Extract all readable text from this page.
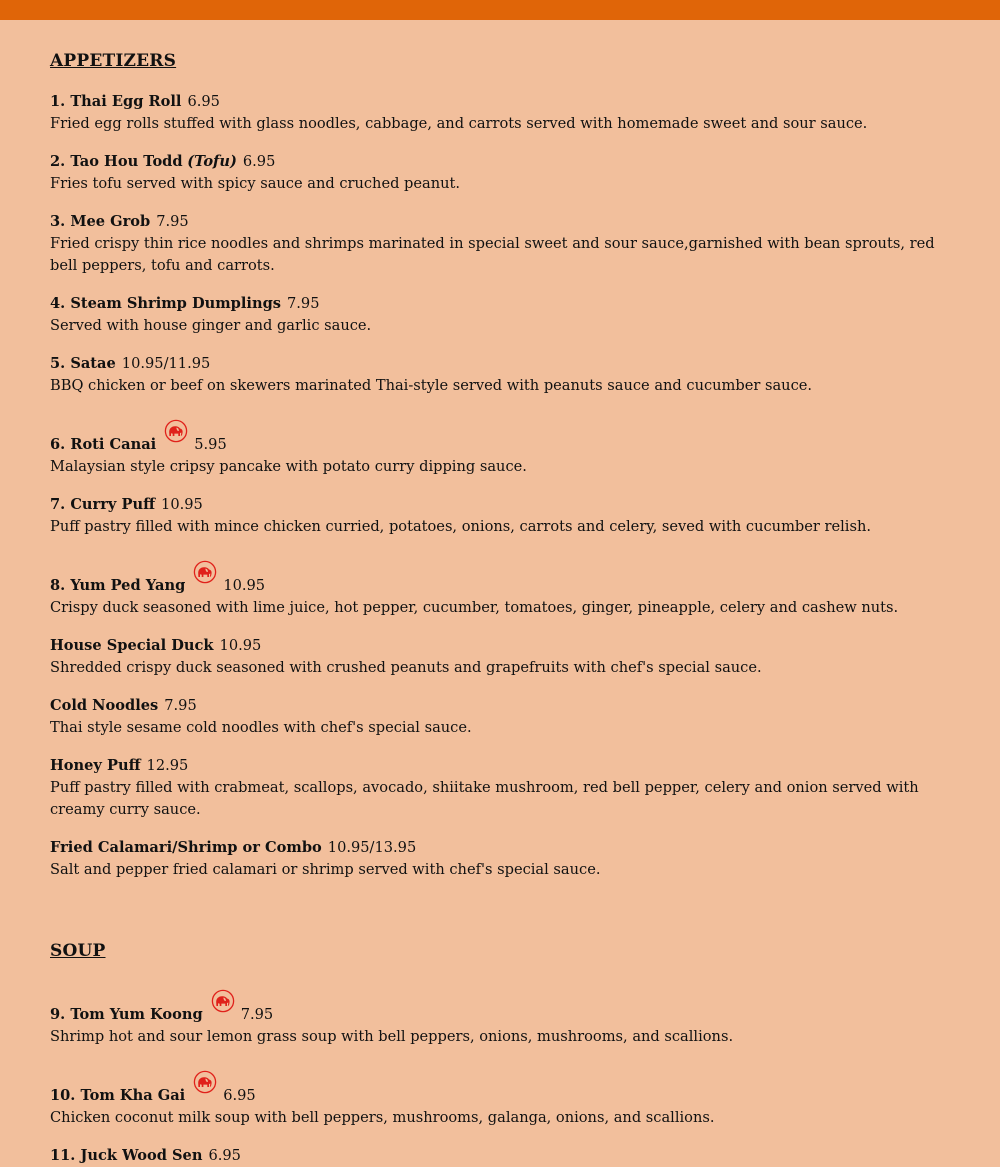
APPETIZERS
1. Thai Egg Roll 6.95
Fried egg rolls stuffed with glass noodles, cabbage, and carrots served with homemade sweet and sour sauce.
2. Tao Hou Todd (Tofu) 6.95
Fries tofu served with spicy sauce and cruched peanut.
3. Mee Grob 7.95
Fried crispy thin rice noodles and shrimps marinated in special sweet and sour sauce,garnished with bean sprouts, red bell peppers, tofu and carrots.
4. Steam Shrimp Dumplings 7.95
Served with house ginger and garlic sauce.
5. Satae 10.95/11.95
BBQ chicken or beef on skewers marinated Thai-style served with peanuts sauce and cucumber sauce.
6. Roti Canai	5.95
Malaysian style cripsy pancake with potato curry dipping sauce.
7. Curry Puff 10.95
Puff pastry filled with mince chicken curried, potatoes, onions, carrots and celery, seved with cucumber relish.
8. Yum Ped Yang	10.95
Crispy duck seasoned with lime juice, hot pepper, cucumber, tomatoes, ginger, pineapple, celery and cashew nuts.
House Special Duck 10.95
Shredded crispy duck seasoned with crushed peanuts and grapefruits with chef's special sauce.
Cold Noodles 7.95
Thai style sesame cold noodles with chef's special sauce.
Honey Puff 12.95
Puff pastry filled with crabmeat, scallops, avocado, shiitake mushroom, red bell pepper, celery and onion served with creamy curry sauce.
Fried Calamari/Shrimp or Combo 10.95/13.95
Salt and pepper fried calamari or shrimp served with chef's special sauce.
SOUP
9. Tom Yum Koong	7.95
Shrimp hot and sour lemon grass soup with bell peppers, onions, mushrooms, and scallions.
10. Tom Kha Gai	6.95
Chicken coconut milk soup with bell peppers, mushrooms, galanga, onions, and scallions.
11. Juck Wood Sen 6.95
